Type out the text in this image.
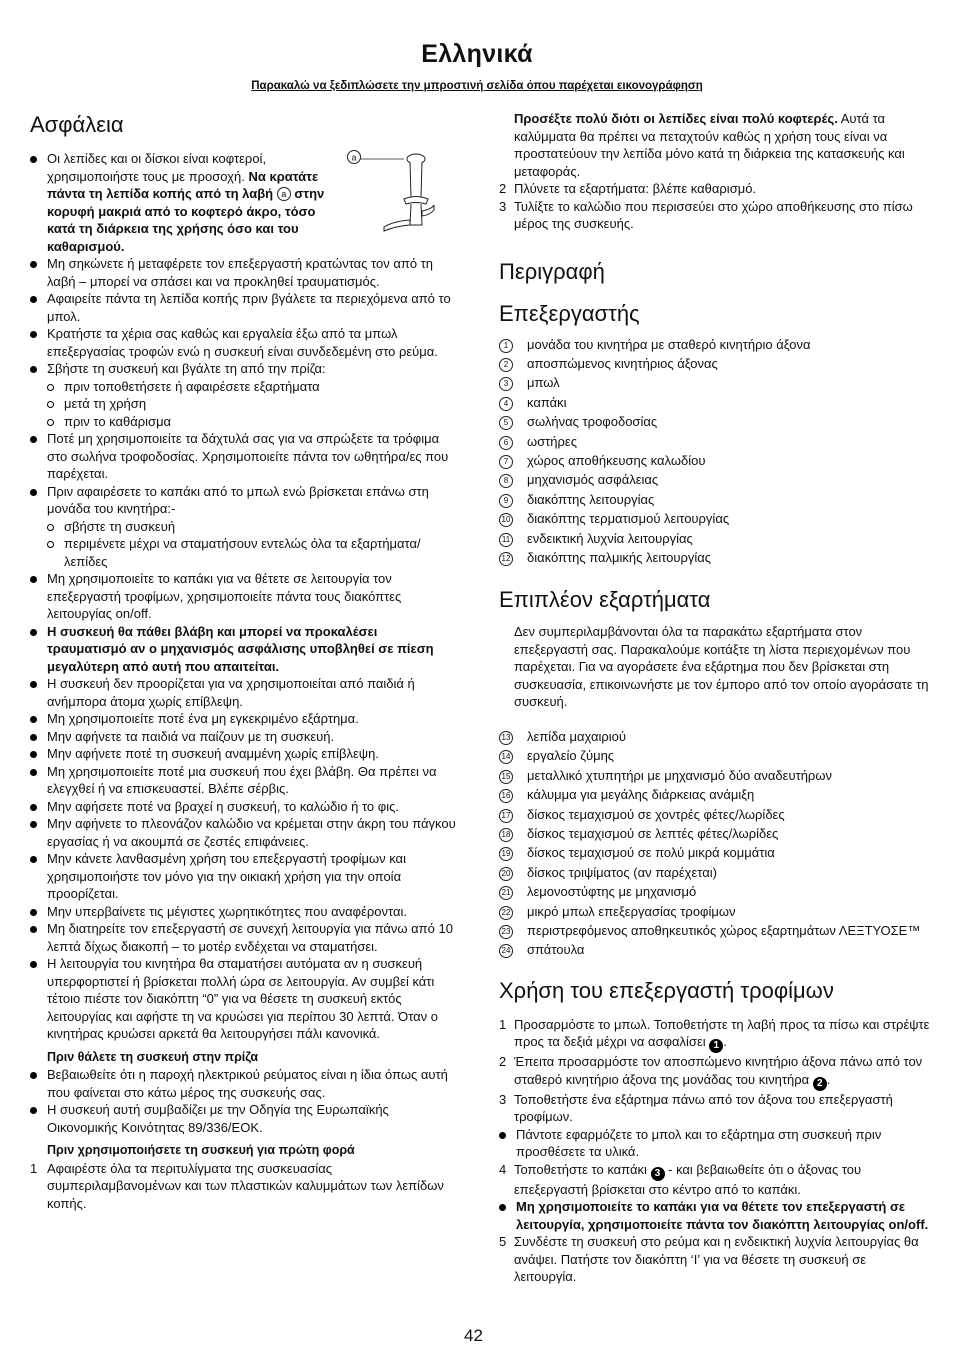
Ελληνικά
Παρακαλώ να ξεδιπλώσετε την μπροστινή σελίδα όπου παρέχεται εικονογράφηση
a
Ασφάλεια
Οι λεπίδες και οι δίσκοι είναι κοφτεροί, χρησιμοποιήστε τους με προσοχή. Να κρατάτε πάντα τη λεπίδα κοπής από τη λαβή a στην κορυφή μακριά από το κοφτερό άκρο, τόσο κατά τη διάρκεια της χρήσης όσο και του καθαρισμού.
Μη σηκώνετε ή μεταφέρετε τον επεξεργαστή κρατώντας τον από τη λαβή – μπορεί να σπάσει και να προκληθεί τραυματισμός.
Αφαιρείτε πάντα τη λεπίδα κοπής πριν βγάλετε τα περιεχόμενα από το μπολ.
Κρατήστε τα χέρια σας καθώς και εργαλεία έξω από τα μπωλ επεξεργασίας τροφών ενώ η συσκευή είναι συνδεδεμένη στο ρεύμα.
Σβήστε τη συσκευή και βγάλτε τη από την πρίζα:
πριν τοποθετήσετε ή αφαιρέσετε εξαρτήματα
μετά τη χρήση
πριν το καθάρισμα
Ποτέ μη χρησιμοποιείτε τα δάχτυλά σας για να σπρώξετε τα τρόφιμα στο σωλήνα τροφοδοσίας. Χρησιμοποιείτε πάντα τον ωθητήρα/ες που παρέχεται.
Πριν αφαιρέσετε το καπάκι από το μπωλ ενώ βρίσκεται επάνω στη μονάδα του κινητήρα:-
σβήστε τη συσκευή
περιμένετε μέχρι να σταματήσουν εντελώς όλα τα εξαρτήματα/λεπίδες
Μη χρησιμοποιείτε το καπάκι για να θέτετε σε λειτουργία τον επεξεργαστή τροφίμων, χρησιμοποιείτε πάντα τους διακόπτες λειτουργίας on/off.
Η συσκευή θα πάθει βλάβη και μπορεί να προκαλέσει τραυματισμό αν ο μηχανισμός ασφάλισης υποβληθεί σε πίεση μεγαλύτερη από αυτή που απαιτείται.
Η συσκευή δεν προορίζεται για να χρησιμοποιείται από παιδιά ή ανήμπορα άτομα χωρίς επίβλεψη.
Μη χρησιμοποιείτε ποτέ ένα μη εγκεκριμένο εξάρτημα.
Μην αφήνετε τα παιδιά να παίζουν με τη συσκευή.
Μην αφήνετε ποτέ τη συσκευή αναμμένη χωρίς επίβλεψη.
Μη χρησιμοποιείτε ποτέ μια συσκευή που έχει βλάβη. Θα πρέπει να ελεγχθεί ή να επισκευαστεί. Βλέπε σέρβις.
Μην αφήσετε ποτέ να βραχεί η συσκευή, το καλώδιο ή το φις.
Μην αφήνετε το πλεονάζον καλώδιο να κρέμεται στην άκρη του πάγκου εργασίας ή να ακουμπά σε ζεστές επιφάνειες.
Μην κάνετε λανθασμένη χρήση του επεξεργαστή τροφίμων και χρησιμοποιήστε τον μόνο για την οικιακή χρήση για την οποία προορίζεται.
Μην υπερβαίνετε τις μέγιστες χωρητικότητες που αναφέρονται.
Μη διατηρείτε τον επεξεργαστή σε συνεχή λειτουργία για πάνω από 10 λεπτά δίχως διακοπή – το μοτέρ ενδέχεται να σταματήσει.
Η λειτουργία του κινητήρα θα σταματήσει αυτόματα αν η συσκευή υπερφορτιστεί ή βρίσκεται πολλή ώρα σε λειτουργία. Αν συμβεί κάτι τέτοιο πιέστε τον διακόπτη “0” για να θέσετε τη συσκευή εκτός λειτουργίας και αφήστε τη να κρυώσει για περίπου 30 λεπτά. Όταν ο κινητήρας κρυώσει αρκετά θα λειτουργήσει πάλι κανονικά.
Πριν θάλετε τη συσκευή στην πρίζα
Βεβαιωθείτε ότι η παροχή ηλεκτρικού ρεύματος είναι η ίδια όπως αυτή που φαίνεται στο κάτω μέρος της συσκευής σας.
Η συσκευή αυτή συμβαδίζει με την Οδηγία της Ευρωπαϊκής Οικονομικής Κοινότητας 89/336/ΕΟΚ.
Πριν χρησιμοποιήσετε τη συσκευή για πρώτη φορά
1 Αφαιρέστε όλα τα περιτυλίγματα της συσκευασίας συμπεριλαμβανομένων και των πλαστικών καλυμμάτων των λεπίδων κοπής.
Προσέξτε πολύ διότι οι λεπίδες είναι πολύ κοφτερές. Αυτά τα καλύμματα θα πρέπει να πεταχτούν καθώς η χρήση τους είναι να προστατεύουν την λεπίδα μόνο κατά τη διάρκεια της κατασκευής και μεταφοράς.
2 Πλύνετε τα εξαρτήματα: βλέπε καθαρισμό.
3 Τυλίξτε το καλώδιο που περισσεύει στο χώρο αποθήκευσης στο πίσω μέρος της συσκευής.
Περιγραφή
Επεξεργαστής
1	μονάδα του κινητήρα με σταθερό κινητήριο άξονα
2	αποσπώμενος κινητήριος άξονας
3	μπωλ
4	καπάκι
5	σωλήνας τροφοδοσίας
6	ωστήρες
7	χώρος αποθήκευσης καλωδίου
8	μηχανισμός ασφάλειας
9	διακόπτης λειτουργίας
10	διακόπτης τερματισμού λειτουργίας
11	ενδεικτική λυχνία λειτουργίας
12	διακόπτης παλμικής λειτουργίας
Επιπλέον εξαρτήματα
Δεν συμπεριλαμβάνονται όλα τα παρακάτω εξαρτήματα στον επεξεργαστή σας. Παρακαλούμε κοιτάξτε τη λίστα περιεχομένων που παρέχεται. Για να αγοράσετε ένα εξάρτημα που δεν βρίσκεται στη συσκευασία, επικοινωνήστε με τον έμπορο από τον οποίο αγοράσατε τη συσκευή.
13	λεπίδα μαχαιριού
14	εργαλείο ζύμης
15	μεταλλικό χτυπητήρι με μηχανισμό δύο αναδευτήρων
16	κάλυμμα για μεγάλης διάρκειας ανάμιξη
17	δίσκος τεμαχισμού σε χοντρές φέτες/λωρίδες
18	δίσκος τεμαχισμού σε λεπτές φέτες/λωρίδες
19	δίσκος τεμαχισμού σε πολύ μικρά κομμάτια
20	δίσκος τριψίματος (αν παρέχεται)
21	λεμονοστύφτης με μηχανισμό
22	μικρό μπωλ επεξεργασίας τροφίμων
23	περιστρεφόμενος αποθηκευτικός χώρος εξαρτημάτων ΛΕΞΤΥΟΣΕ™
24	σπάτουλα
Χρήση του επεξεργαστή τροφίμων
1 Προσαρμόστε το μπωλ. Τοποθετήστε τη λαβή προς τα πίσω και στρέψτε προς τα δεξιά μέχρι να ασφαλίσει 1 .
2 Έπειτα προσαρμόστε τον αποσπώμενο κινητήριο άξονα πάνω από τον σταθερό κινητήριο άξονα της μονάδας του κινητήρα 2 .
3 Τοποθετήστε ένα εξάρτημα πάνω από τον άξονα του επεξεργαστή τροφίμων.
Πάντοτε εφαρμόζετε το μπολ και το εξάρτημα στη συσκευή πριν προσθέσετε τα υλικά.
4 Τοποθετήστε το καπάκι 3 - και βεβαιωθείτε ότι ο άξονας του επεξεργαστή βρίσκεται στο κέντρο από το καπάκι.
Μη χρησιμοποιείτε το καπάκι για να θέτετε τον επεξεργαστή σε λειτουργία, χρησιμοποιείτε πάντα τον διακόπτη λειτουργίας on/off.
5 Συνδέστε τη συσκευή στο ρεύμα και η ενδεικτική λυχνία λειτουργίας θα ανάψει. Πατήστε τον διακόπτη ‘I’ για να θέσετε τη συσκευή σε λειτουργία.
42
